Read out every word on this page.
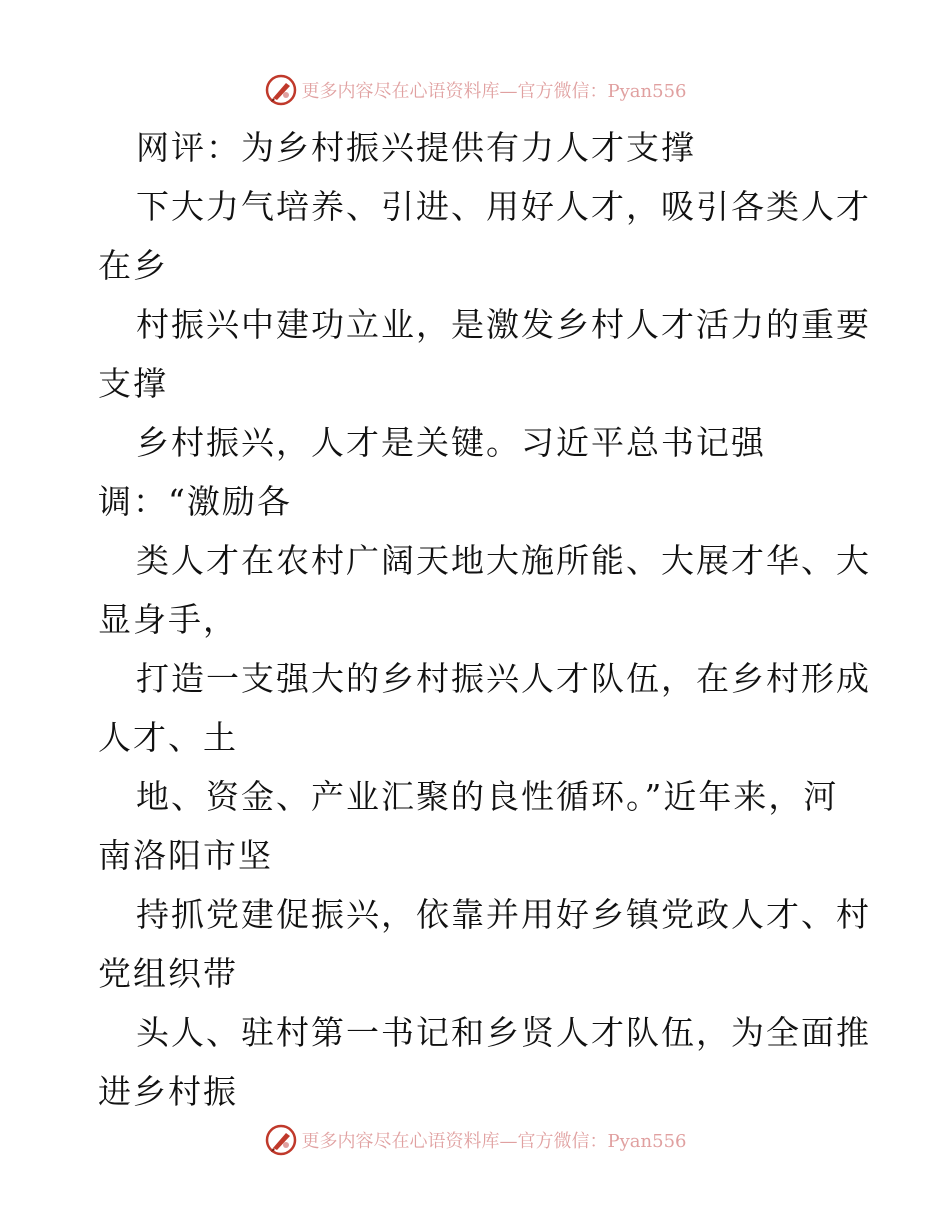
更多内容尽在心语资料库—官方微信：Pyan556
网评：为乡村振兴提供有力人才支撑
下大力气培养、引进、用好人才，吸引各类人才
在乡
村振兴中建功立业，是激发乡村人才活力的重要
支撑
乡村振兴，人才是关键。习近平总书记强
调：“激励各
类人才在农村广阔天地大施所能、大展才华、大
显身手，
打造一支强大的乡村振兴人才队伍，在乡村形成
人才、土
地、资金、产业汇聚的良性循环。”近年来，河
南洛阳市坚
持抓党建促振兴，依靠并用好乡镇党政人才、村
党组织带
头人、驻村第一书记和乡贤人才队伍，为全面推
进乡村振
更多内容尽在心语资料库—官方微信：Pyan556
